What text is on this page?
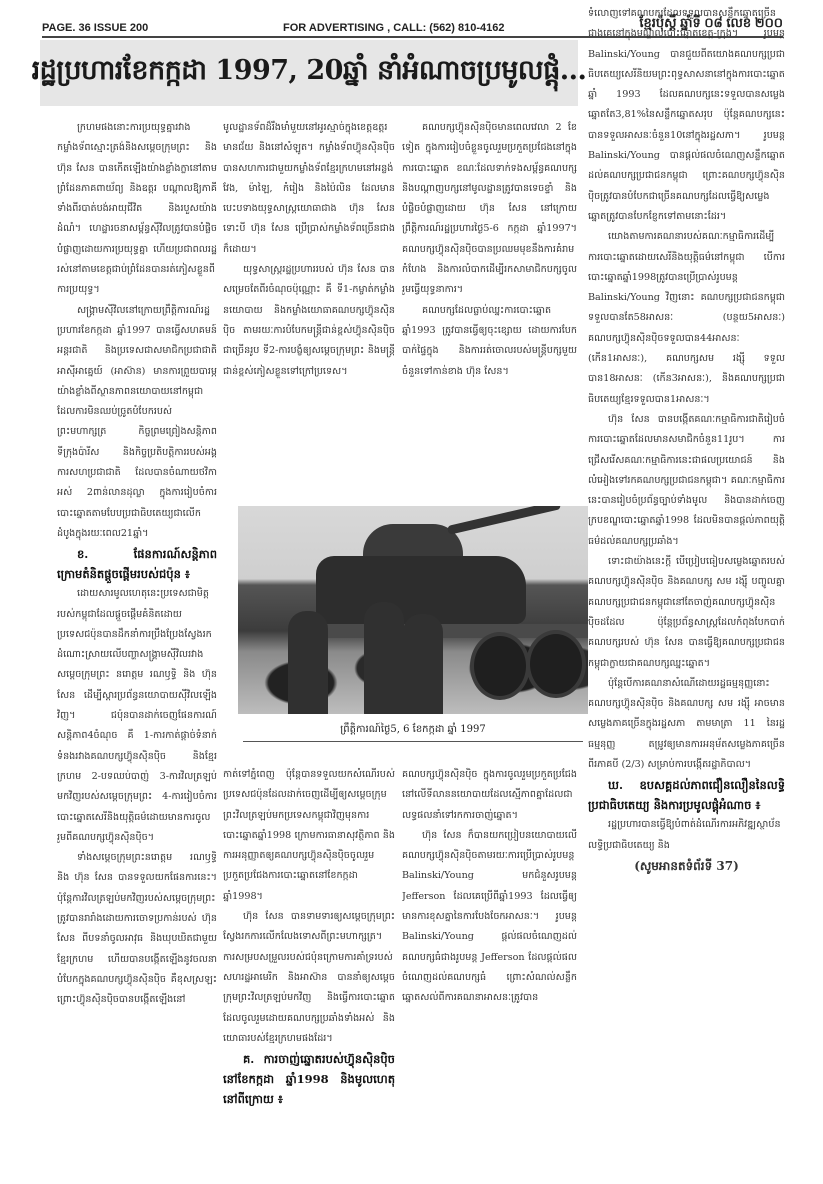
PAGE. 36 ISSUE 200	FOR ADVERTISING , CALL: (562) 810-4162	ខ្មែរប៉ុស្ដិ៍ ឆ្នាំទី ០៨ លេខ ២០០
រដ្ឋប្រហារខែកក្កដា 1997, 20ឆ្នាំ នាំអំណាចប្រមូលផ្ដុំ...

ក្រហមផងនោះការប្រយុទ្ធគ្នារវាងកម្លាំងទ័ពស្មោះត្រង់និងសម្ដេចក្រុមព្រះ និង ហ៊ុន សែន បានកើតឡើងយ៉ាងខ្លាំងក្លានៅតាមព្រំដែនភាគពាយ័ព្យ និងឧត្តរ បណ្ដាលឱ្យភាគីទាំងពីរបាត់បង់អាយុជីវិត និងរបួសយ៉ាងដំណំ។ ហេដ្ឋារចនាសម្ព័ន្ធស៊ីវិលត្រូវបានបំផ្លិចបំផ្លាញដោយការប្រយុទ្ធគ្នា ហើយប្រជាពលរដ្ឋរស់នៅតាមខេត្តជាប់ព្រំដែនបានរត់ភៀសខ្លួនពីការប្រយុទ្ធ។

សង្គ្រាមស៊ីវិលនៅក្រោយព្រឹត្តិការណ៍រដ្ឋប្រហារខែកក្កដា ឆ្នាំ1997 បានធ្វើសហគមន៍អន្តរជាតិ និងប្រទេសជាសមាជិកប្រជាជាតិអាស៊ីអាគ្នេយ៍ (អាស៊ាន) មានការព្រួយបារម្ភយ៉ាងខ្លាំងពីស្ថានភាពនយោបាយនៅកម្ពុជាដែលការមិនឈប់ច្រូតបំបែករបស់ព្រះមហាក្សត្រ កិច្ចព្រមព្រៀងសន្តិភាពទីក្រុងប៉ារីស និងកិច្ចប្រតិបត្តិការរបស់អង្គការសហប្រជាជាតិ ដែលបានចំណាយថវិកាអស់ 2ពាន់លានដុល្លា ក្នុងការរៀបចំការបោះឆ្នោតតាមបែបប្រជាធិបតេយ្យជាលើកដំបូងក្នុងរយៈពេល21ឆ្នាំ។

ខ. ផែនការណ៍សន្តិភាពក្រោមតំនិតផ្ដួចផ្ដើមរបស់ជប៉ុន ៖

ដោយសារមូលហេតុនេះប្រទេសជាមិត្តរបស់កម្ពុជាដែលផ្ដួចផ្ដើមគំនិតដោយប្រទេសជប៉ុនបានដឹកនាំការប្រឹងប្រែងស្វែងរកដំណោះស្រាយលើបញ្ហាសង្គ្រាមស៊ីវិលរវាងសម្ដេចក្រុមព្រះ នរោត្តម រណឫទ្ធិ និង ហ៊ុន សែន ដើម្បីស្ដារប្រព័ន្ធនយោបាយស៊ីវិលឡើងវិញ។ ជប៉ុនបានដាក់ចេញផែនការណ៍សន្តិភាព4ចំណុច គឺ 1-ការកាត់ផ្ដាច់ទំនាក់ទំនងរវាងគណបក្សហ៊្វុនស៊ិនប៉ិច និងខ្មែរក្រហម 2-បទឈប់បាញ់ 3-ការវិលត្រឡប់មកវិញរបស់សម្ដេចក្រុមព្រះ 4-ការរៀបចំការបោះឆ្នោតសេរីនិងយុត្តិធម៌ដោយមានការចូលរួមពីគណបក្សហ៊្វុនស៊ិនប៉ិច។

ទាំងសម្ដេចក្រុមព្រះនរោត្តម រណឫទ្ធិ និង ហ៊ុន សែន បានទទួលយកផែនការនេះ។ ប៉ុន្តែការវិលត្រឡប់មកវិញរបស់សម្ដេចក្រុមព្រះ ត្រូវបានរារាំងដោយការចោទប្រកាន់របស់ ហ៊ុន សែន ពីបទនាំចូលអាវុធ និងឃុបឃិតជាមួយខ្មែរក្រហម ហើយបានបង្កើតឡើងនូវចលនាបំបែកក្នុងគណបក្សហ៊្វុនស៊ិនប៉ិច គឺខុសស្រឡះ ព្រោះហ៊្វុនស៊ិនប៉ិចបានបង្កើតឡើងនៅ

មូលដ្ឋានទ័ពដ៏រឹងមាំមួយនៅអូរស្មាច់ក្នុងខេត្តឧត្តរមានជ័យ និងនៅសំឡូត។ កម្លាំងទ័ពហ៊្វុនស៊ិនប៉ិចបានសហការជាមួយកម្លាំងទ័ពខ្មែរក្រហមនៅអន្លង់វែង, ម៉ាឡៃ, កំរៀង និងប៉ៃលិន ដែលមានបេះបទាងយុទ្ធសាស្រ្តយោធាជាង ហ៊ុន សែន ទោះបី ហ៊ុន សែន ប្រើប្រាស់កម្លាំងទ័ពច្រើនជាងក៏ដោយ។

យុទ្ធសាស្រ្តរដ្ឋប្រហាររបស់ ហ៊ុន សែន បានសម្រេចតែពីរចំណុចប៉ុណ្ណោះ គឺ ទី1-កម្ចាត់កម្លាំងនយោបាយ និងកម្លាំងយោធាគណបក្សហ៊្វុនស៊ិនប៉ិច តាមរយៈការបំបែកមន្ត្រីជាន់ខ្ពស់ហ៊្វុនស៊ិនប៉ិចជាច្រើនរូប ទី2-ការបង្ខំឲ្យសម្ដេចក្រុមព្រះ និងមន្ត្រីជាន់ខ្ពស់ភៀសខ្លួនទៅក្រៅប្រទេស។

គណបក្សហ៊្វុនស៊ិនប៉ិចមានពេលវេលា 2 ខែទៀត ក្នុងការរៀបចំខ្លួនចូលរួមប្រកួតប្រជែងនៅក្នុងការបោះឆ្នោត ខណៈដែលទាក់ទងសម្ព័ន្ធគណបក្ស និងបណ្ដាញបក្សនៅមូលដ្ឋានត្រូវបានទេចខ្ទាំ និងបំផ្លិចបំផ្លាញដោយ ហ៊ុន សែន នៅក្រោយព្រឹត្តិការណ៍រដ្ឋប្រហារថ្ងៃ5-6 កក្កដា ឆ្នាំ1997។ គណបក្សហ៊្វុនស៊ិនប៉ិចបានប្រឈមមុខនឹងការគំរាមកំហែង និងការលំបាកដើម្បីរកសាមាជិកបក្សចូលរួមធ្វើយុទ្ធនាការ។

គណបក្សដែលធ្លាប់ឈ្នះការបោះឆ្នោតឆ្នាំ1993 ត្រូវបានធ្វើឲ្យចុះខ្សោយ ដោយការបែកបាក់ផ្ទៃក្នុង និងការរត់ចោលរបស់មន្ត្រីបក្សមួយចំនួនទៅកាន់ខាង ហ៊ុន សែន។

ព្រឹត្តិការណ៍ថ្ងៃ5, 6 ខែកក្កដា ឆ្នាំ 1997

កាត់ទៅភ្នំពេញ ប៉ុន្តែបានទទួលយកសំណើរបស់ប្រទេសជប៉ុនដែលដាក់ចេញដើម្បីឲ្យសម្ដេចក្រុមព្រះវិលត្រឡប់មកប្រទេសកម្ពុជាវិញមុនការបោះឆ្នោតឆ្នាំ1998 ក្រោមការធានាសុវត្ថិភាព និងការអនុញ្ញាតឲ្យគណបក្សហ៊្វុនស៊ិនប៉ិចចូលរួមប្រកួតប្រជែងការបោះឆ្នោតនៅខែកក្កដា ឆ្នាំ1998។

ហ៊ុន សែន បានទាមទារឲ្យសម្ដេចក្រុមព្រះ ស្វែងរកការលើកលែងទោសពីព្រះមហាក្សត្រ។ ការសម្របសម្រួលរបស់ជប៉ុនក្រោមការគាំទ្ររបស់សហរដ្ឋអាមេរិក និងអាស៊ាន បាននាំឲ្យសម្ដេចក្រុមព្រះវិលត្រឡប់មកវិញ និងធ្វើការបោះឆ្នោតដែលចូលរួមដោយគណបក្សប្រឆាំងទាំងអស់ និងយោធារបស់ខ្មែរក្រហមផងដែរ។

គ. ការចាញ់ឆ្នោតរបស់ហ៊្វុនស៊ិនប៉ិចនៅខែកក្កដា ឆ្នាំ1998 និងមូលហេតុនៅពីក្រោយ ៖

គណបក្សហ៊្វុនស៊ិនប៉ិច ក្នុងការចូលរួមប្រកួតប្រជែងនៅលើទីលាននយោបាយដែលស្មើភាពគ្នាដែលជាលទ្ធផលនាំទៅរកការចាញ់ឆ្នោត។

ហ៊ុន សែន ក៏បានយកប្រៀបនយោបាយលើគណបក្សហ៊្វុនស៊ិនប៉ិចតាមរយៈការប្រើប្រាស់រូបមន្ត Balinski/Young មកជំនួសរូបមន្ត Jefferson ដែលគេប្រើពីឆ្នាំ1993 ដែលធ្វើឲ្យមានការខុសគ្នានៃការបែងចែកអាសនៈ។ រូបមន្ត Balinski/Young ផ្ដល់ផលចំណេញដល់គណបក្សធំជាងរូបមន្ត Jefferson ដែលផ្ដល់ផលចំណេញដល់គណបក្សធំ ព្រោះសំណល់សន្លឹកឆ្នោតសល់ពីការគណនាអាសនៈត្រូវបាន

ទំលោញទៅគណបក្សដែលទទួលបានសន្លឹកឆ្នោតច្រើនជាងគេនៅក្នុងមណ្ឌលបោះឆ្នោតខេត្ត-ក្រុង។ រូបមន្ត Balinski/Young បានជួយពីតយោងគណបក្សប្រជាធិបតេយ្យសេរីនិយមព្រះពុទ្ធសាសនានៅក្នុងការបោះឆ្នោតឆ្នាំ 1993 ដែលគណបក្សនេះទទួលបានសម្លេងឆ្នោតតែ3,81%នៃសន្លឹកឆ្នោតសរុប ប៉ុន្តែគណបក្សនេះបានទទួលអាសនៈចំនួន10នៅក្នុងរដ្ឋសភា។ រូបមន្ត Balinski/Young បានផ្ដល់ផលចំណេញសន្លឹកឆ្នោតដល់គណបក្សប្រជាជនកម្ពុជា ព្រោះគណបក្សហ៊្វុនស៊ិនប៉ិចត្រូវបានបំបែកជាច្រើនគណបក្សដែលធ្វើឱ្យសម្លេងឆ្នោតត្រូវបានបែកខ្ញែកទៅតាមនោះដែរ។

យោងតាមការគណនារបស់គណៈកម្មាធិការដើម្បីការបោះឆ្នោតដោយសេរីនិងយុត្តិធម៌នៅកម្ពុជា បើការបោះឆ្នោតឆ្នាំ1998ត្រូវបានប្រើប្រាស់រូបមន្ត Balinski/Young វិញនោះ គណបក្សប្រជាជនកម្ពុជាទទួលបានតែ58អាសនៈ (បន្ថយ5អាសនៈ) គណបក្សហ៊្វុនស៊ិនប៉ិចទទួលបាន44អាសនៈ (កើន1អាសនៈ), គណបក្សសម រង្ស៊ី ទទួលបាន18អាសនៈ (កើន3អាសនៈ), និងគណបក្សប្រជាធិបតេយ្យខ្មែរទទួលបាន1អាសនៈ។

ហ៊ុន សែន បានបង្កើតគណៈកម្មាធិការជាតិរៀបចំការបោះឆ្នោតដែលមានសមាជិកចំនួន11រូប។ ការជ្រើសរើសគណៈកម្មាធិការនេះជាផលប្រយោជន៍ និងលំអៀងទៅរកគណបក្សប្រជាជនកម្ពុជា។ គណៈកម្មាធិការនេះបានរៀបចំប្រព័ន្ធច្បាប់ទាំងមូល និងបានដាក់ចេញក្របខណ្ឌបោះឆ្នោតឆ្នាំ1998 ដែលមិនបានផ្ដល់ភាពយុត្តិធម៌ដល់គណបក្សប្រឆាំង។

ទោះជាយ៉ាងនេះក្ដី បើប្រៀបធៀបសម្លេងឆ្នោតរបស់គណបក្សហ៊្វុនស៊ិនប៉ិច និងគណបក្ស សម រង្ស៊ី បញ្ចូលគ្នា គណបក្សប្រជាជនកម្ពុជានៅតែចាញ់គណបក្សហ៊្វុនស៊ិនប៉ិចដដែល ប៉ុន្តែប្រព័ន្ធសាស្ត្រដែលកំពុងបែកបាក់គណបក្សរបស់ ហ៊ុន សែន បានធ្វើឱ្យគណបក្សប្រជាជនកម្ពុជាក្លាយជាគណបក្សឈ្នះឆ្នោត។

ប៉ុន្តែបើការគណនាសំណើដោយរដ្ឋធម្មនុញ្ញនោះ គណបក្សហ៊្វុនស៊ិនប៉ិច និងគណបក្ស សម រង្ស៊ី អាចមានសម្លេងភាគច្រើនក្នុងរដ្ឋសភា តាមមាត្រា 11 នៃរដ្ឋធម្មនុញ្ញ តម្រូវឲ្យមានការអនុម័តសម្លេងភាគច្រើនពីរភាគបី (2/3) សម្រាប់ការបង្កើតរដ្ឋាភិបាល។

ឃ. ឧបសគ្គដល់ភាពជឿនលឿននៃលទ្ធិប្រជាធិបតេយ្យ និងការប្រមូលផ្ដុំអំណាច ៖

រដ្ឋប្រហារបានធ្វើឱ្យបំពាត់ដំណើរការអភិវឌ្ឍស្ថាប័នលទ្ធិប្រជាធិបតេយ្យ និង

(សូមអានតទំព័រទី 37)
